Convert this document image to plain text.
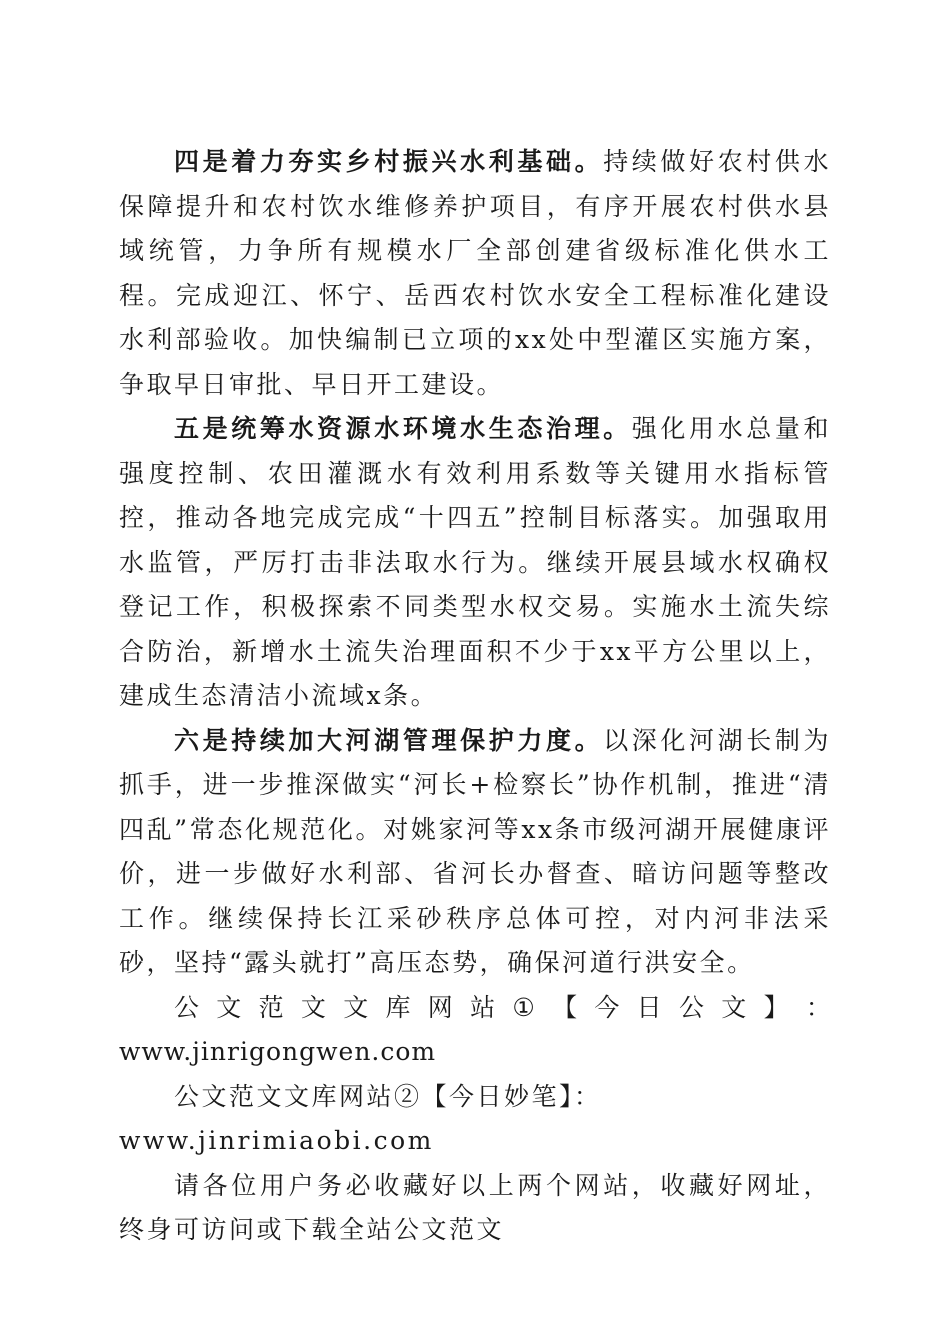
四是着力夯实乡村振兴水利基础。持续做好农村供水保障提升和农村饮水维修养护项目，有序开展农村供水县域统管，力争所有规模水厂全部创建省级标准化供水工程。完成迎江、怀宁、岳西农村饮水安全工程标准化建设水利部验收。加快编制已立项的xx处中型灌区实施方案，争取早日审批、早日开工建设。

五是统筹水资源水环境水生态治理。强化用水总量和强度控制、农田灌溉水有效利用系数等关键用水指标管控，推动各地完成完成“十四五”控制目标落实。加强取用水监管，严厉打击非法取水行为。继续开展县域水权确权登记工作，积极探索不同类型水权交易。实施水土流失综合防治，新增水土流失治理面积不少于xx平方公里以上，建成生态清洁小流域x条。

六是持续加大河湖管理保护力度。以深化河湖长制为抓手，进一步推深做实“河长+检察长”协作机制，推进“清四乱”常态化规范化。对姚家河等xx条市级河湖开展健康评价，进一步做好水利部、省河长办督查、暗访问题等整改工作。继续保持长江采砂秩序总体可控，对内河非法采砂，坚持“露头就打”高压态势，确保河道行洪安全。

公 文 范 文 文 库 网 站 ① 【 今 日 公 文 】 ：

www.jinrigongwen.com

公文范文文库网站②【今日妙笔】：www.jinrimiaobi.com

请各位用户务必收藏好以上两个网站，收藏好网址，终身可访问或下载全站公文范文
